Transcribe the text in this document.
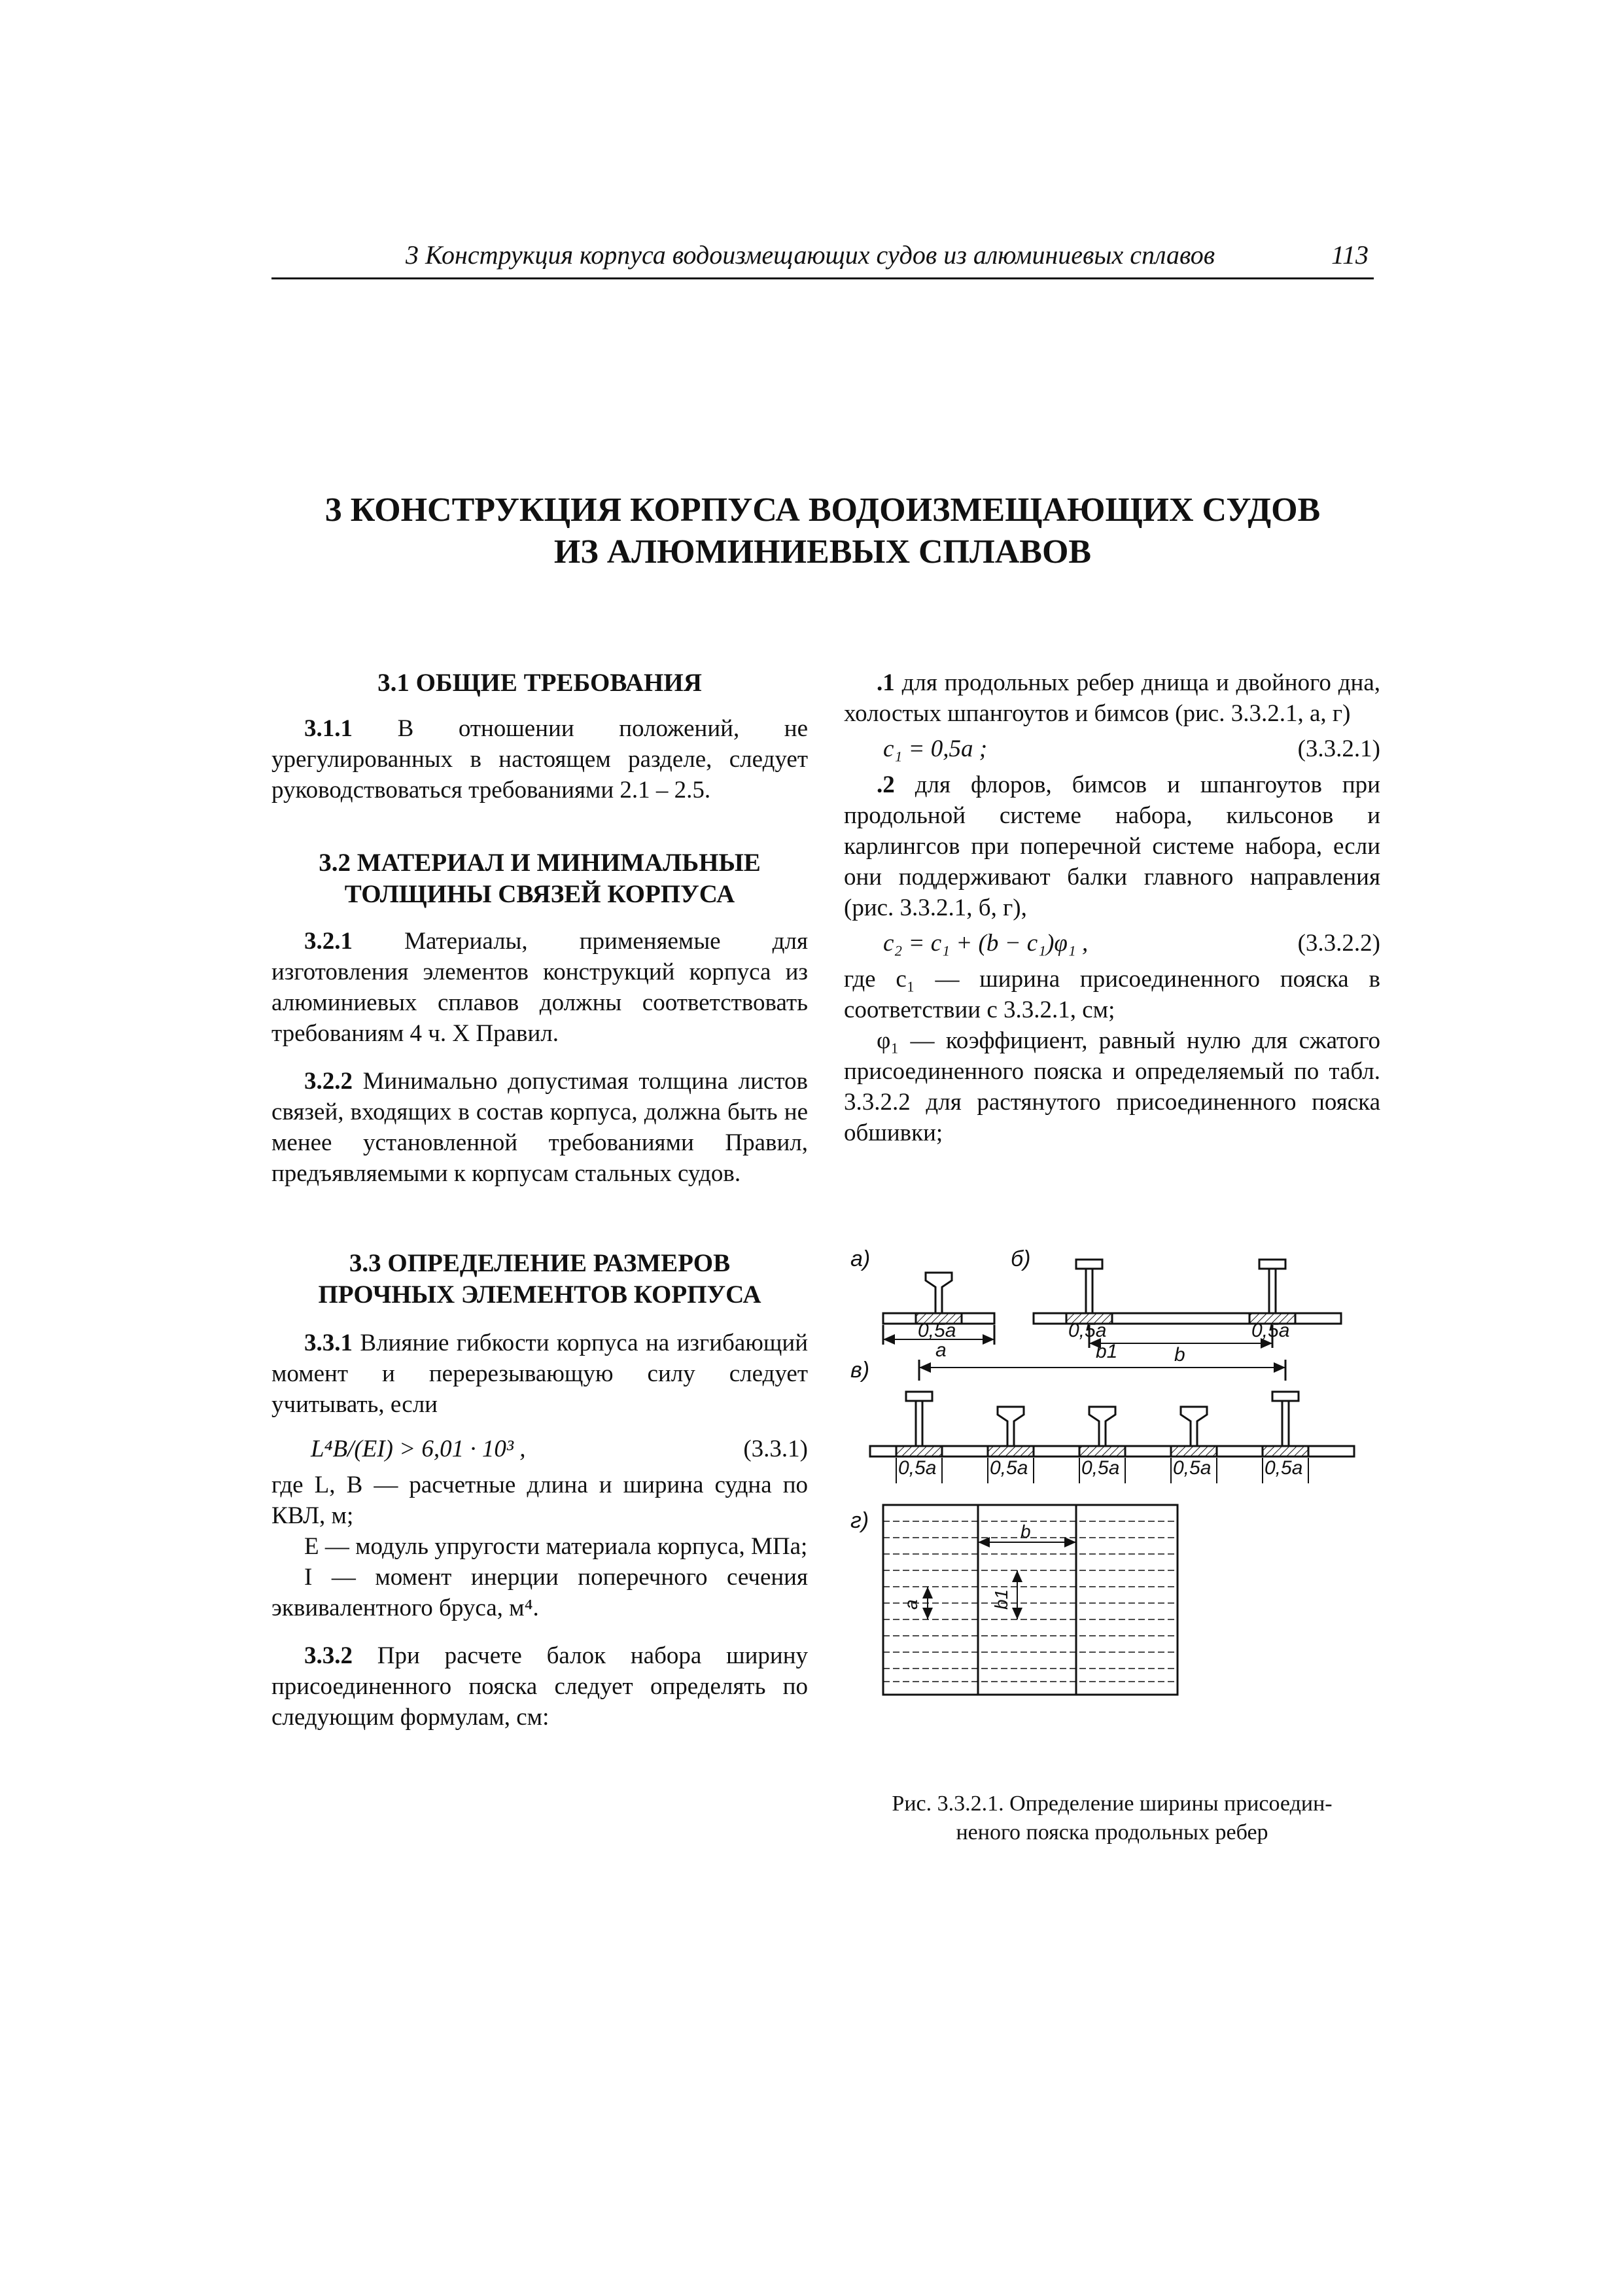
3 Конструкция корпуса водоизмещающих судов из алюминиевых сплавов	113
3 КОНСТРУКЦИЯ КОРПУСА ВОДОИЗМЕЩАЮЩИХ СУДОВ
ИЗ АЛЮМИНИЕВЫХ СПЛАВОВ
3.1 ОБЩИЕ ТРЕБОВАНИЯ

3.1.1 В отношении положений, не урегулированных в настоящем разделе, следует руководствоваться требованиями 2.1 – 2.5.

3.2 МАТЕРИАЛ И МИНИМАЛЬНЫЕ
ТОЛЩИНЫ СВЯЗЕЙ КОРПУСА

3.2.1 Материалы, применяемые для изготовления элементов конструкций корпуса из алюминиевых сплавов должны соответствовать требованиям 4 ч. X Правил.

3.2.2 Минимально допустимая толщина листов связей, входящих в состав корпуса, должна быть не менее установленной требованиями Правил, предъявляемыми к корпусам стальных судов.

3.3 ОПРЕДЕЛЕНИЕ РАЗМЕРОВ
ПРОЧНЫХ ЭЛЕМЕНТОВ КОРПУСА

3.3.1 Влияние гибкости корпуса на изгибающий момент и перерезывающую силу следует учитывать, если

L⁴B/(EI) > 6,01 · 10³ ,	(3.3.1)

где L, B — расчетные длина и ширина судна по КВЛ, м;

E — модуль упругости материала корпуса, МПа;

I — момент инерции поперечного сечения эквивалентного бруса, м⁴.

3.3.2 При расчете балок набора ширину присоединенного пояска следует определять по следующим формулам, см:

.1 для продольных ребер днища и двойного дна, холостых шпангоутов и бимсов (рис. 3.3.2.1, а, г)

c₁ = 0,5a ;	(3.3.2.1)

.2 для флоров, бимсов и шпангоутов при продольной системе набора, кильсонов и карлингсов при поперечной системе набора, если они поддерживают балки главного направления (рис. 3.3.2.1, б, г),

c₂ = c₁ + (b − c₁)φ₁ ,	(3.3.2.2)

где c₁ — ширина присоединенного пояска в соответствии с 3.3.2.1, см;

φ₁ — коэффициент, равный нулю для сжатого присоединенного пояска и определяемый по табл. 3.3.2.2 для растянутого присоединенного пояска обшивки;

а)	б)
в)
г)
0,5a
a
0,5a	0,5a
b
b1
0,5a	0,5a	0,5a	0,5a	0,5a
b
a	b1
Рис. 3.3.2.1. Определение ширины присоедин-
неного пояска продольных ребер
